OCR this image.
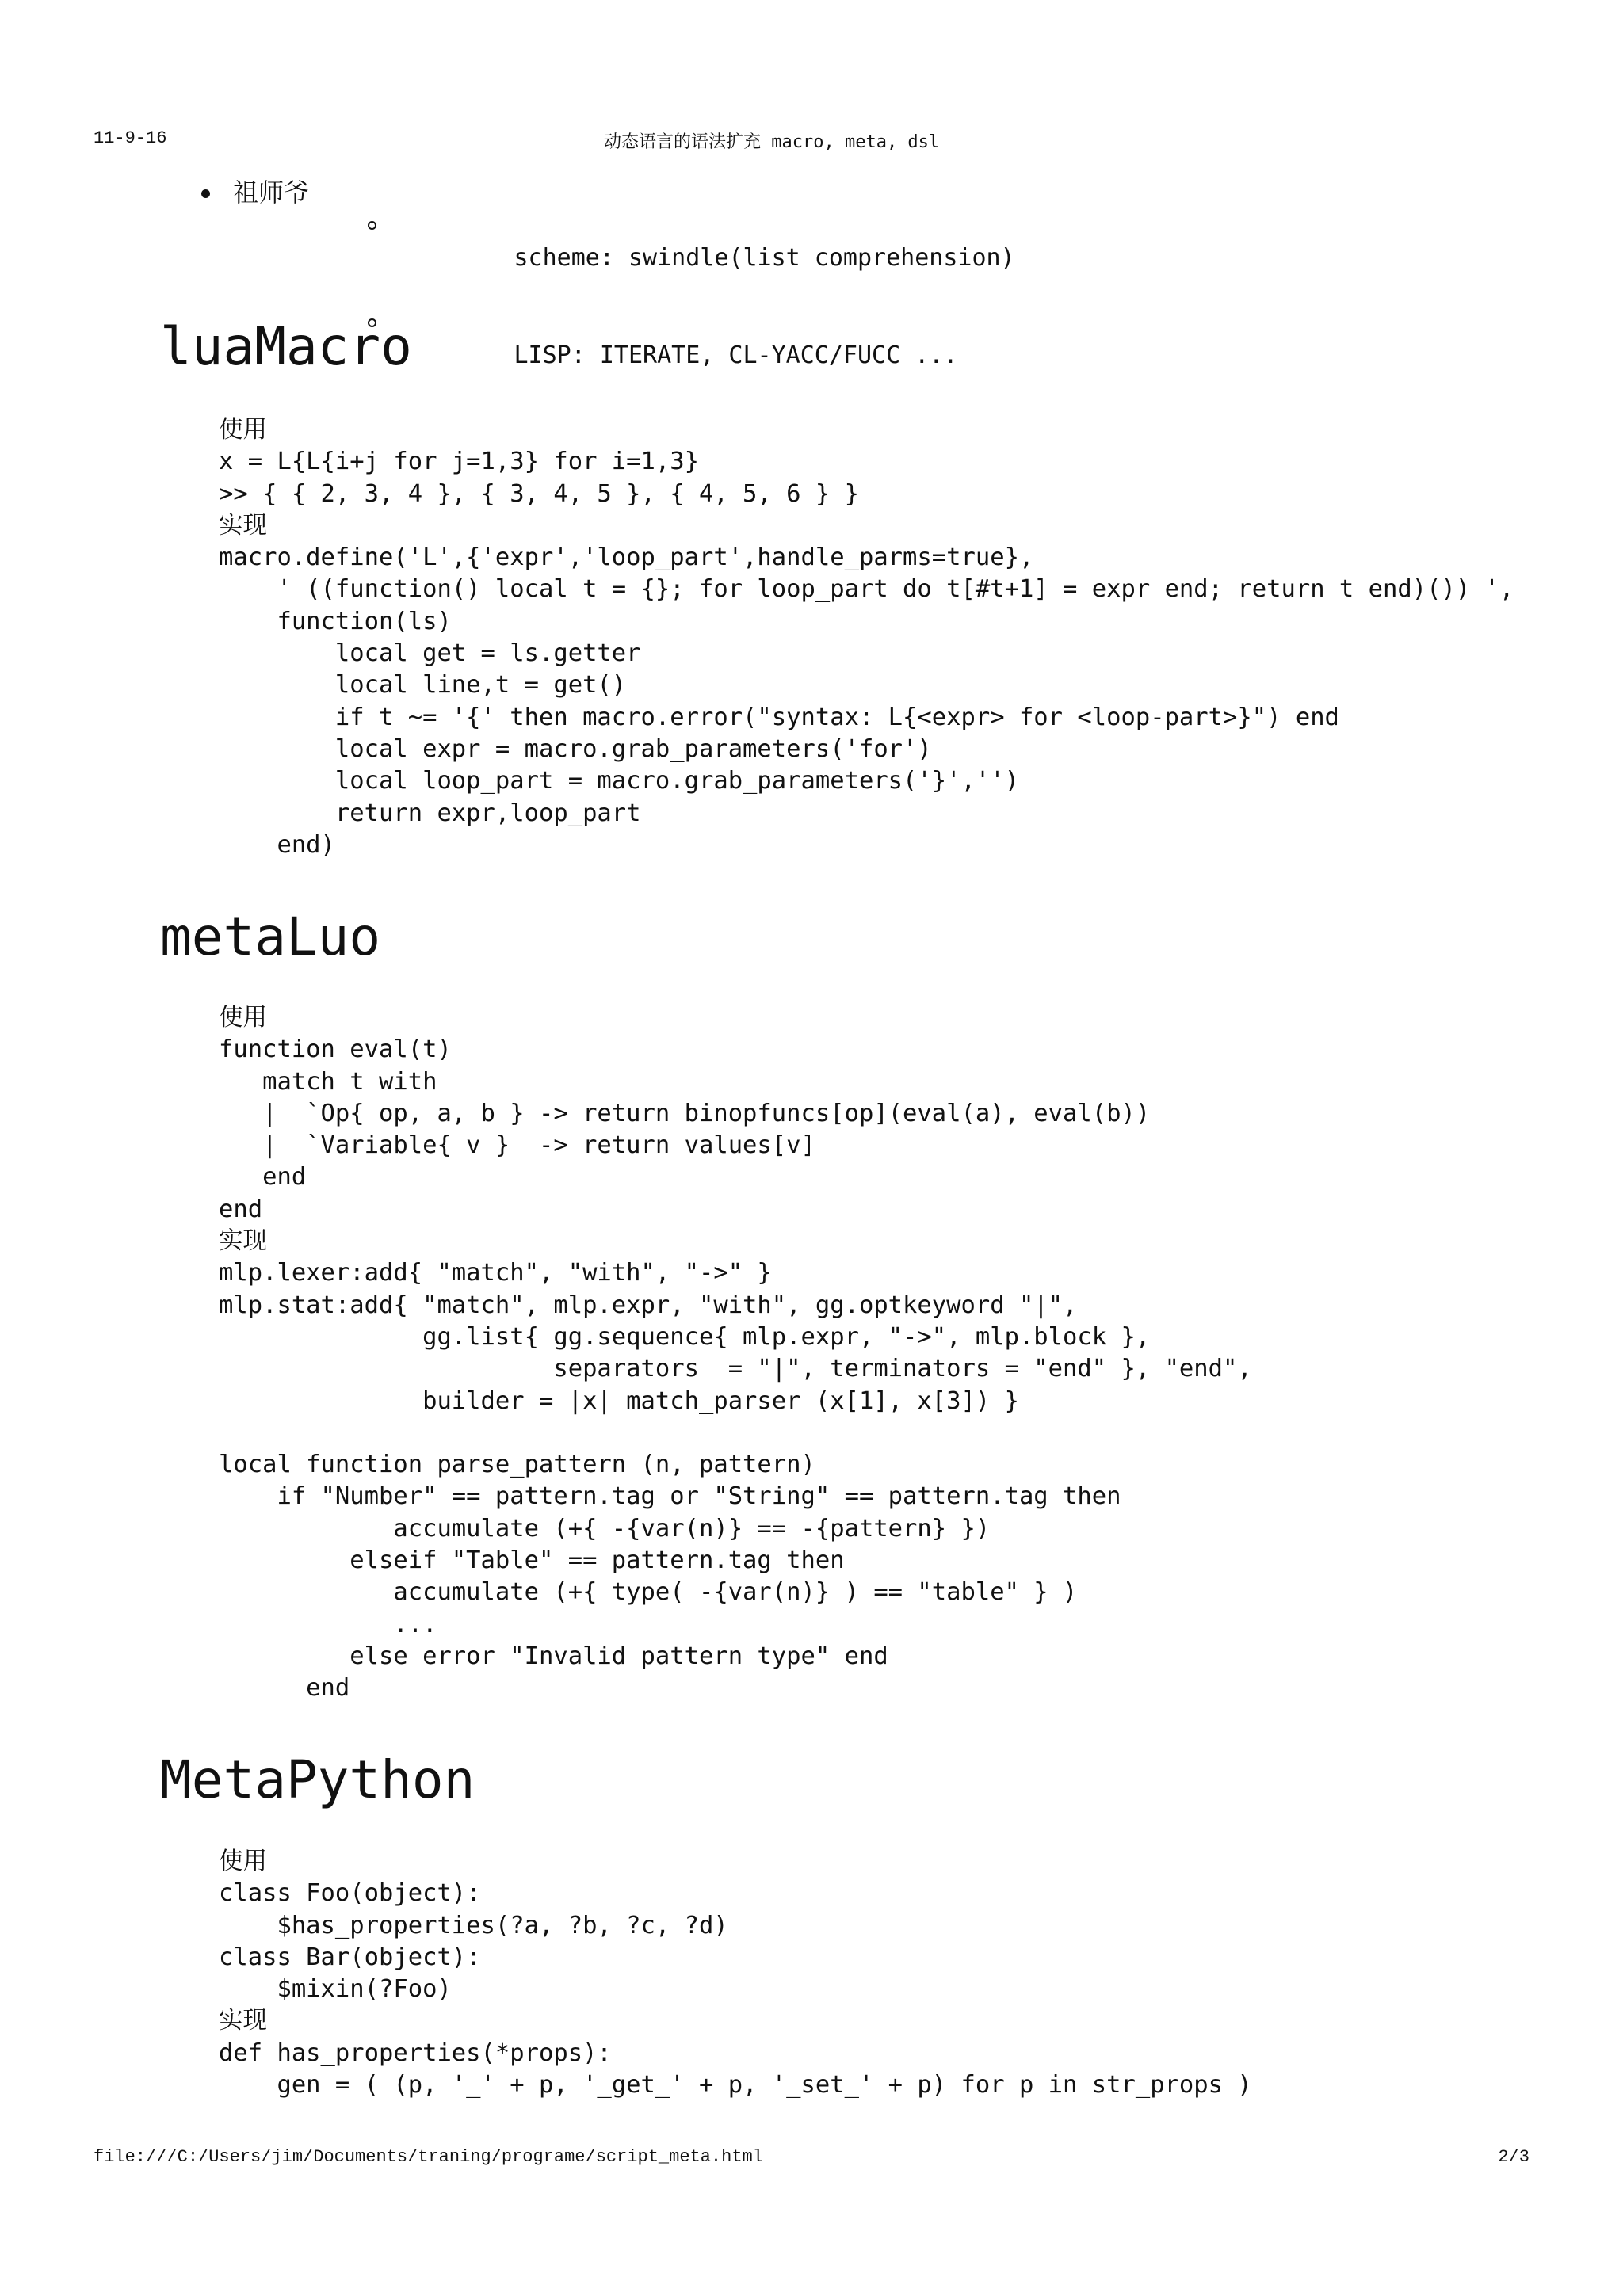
11-9-16	动态语言的语法扩充 macro, meta, dsl
祖师爷

scheme: swindle(list comprehension)

LISP: ITERATE, CL-YACC/FUCC ...

luaMacro
使用
x = L{L{i+j for j=1,3} for i=1,3}
>> { { 2, 3, 4 }, { 3, 4, 5 }, { 4, 5, 6 } }
实现
macro.define('L',{'expr','loop_part',handle_parms=true},
' ((function() local t = {}; for loop_part do t[#t+1] = expr end; return t end)()) ',
function(ls)
local get = ls.getter
local line,t = get()
if t ~= '{' then macro.error("syntax: L{<expr> for <loop-part>}") end
local expr = macro.grab_parameters('for')
local loop_part = macro.grab_parameters('}','')
return expr,loop_part
end)
metaLuo
使用
function eval(t)
match t with
|  `Op{ op, a, b } -> return binopfuncs[op](eval(a), eval(b))
|  `Variable{ v }  -> return values[v]
end
end
实现
mlp.lexer:add{ "match", "with", "->" }
mlp.stat:add{ "match", mlp.expr, "with", gg.optkeyword "|",
gg.list{ gg.sequence{ mlp.expr, "->", mlp.block },
separators  = "|", terminators = "end" }, "end",
builder = |x| match_parser (x[1], x[3]) }

local function parse_pattern (n, pattern)
if "Number" == pattern.tag or "String" == pattern.tag then
accumulate (+{ -{var(n)} == -{pattern} })
elseif "Table" == pattern.tag then
accumulate (+{ type( -{var(n)} ) == "table" } )
...
else error "Invalid pattern type" end
end
MetaPython
使用
class Foo(object):
$has_properties(?a, ?b, ?c, ?d)
class Bar(object):
$mixin(?Foo)
实现
def has_properties(*props):
gen = ( (p, '_' + p, '_get_' + p, '_set_' + p) for p in str_props )
file:///C:/Users/jim/Documents/traning/programe/script_meta.html	2/3
